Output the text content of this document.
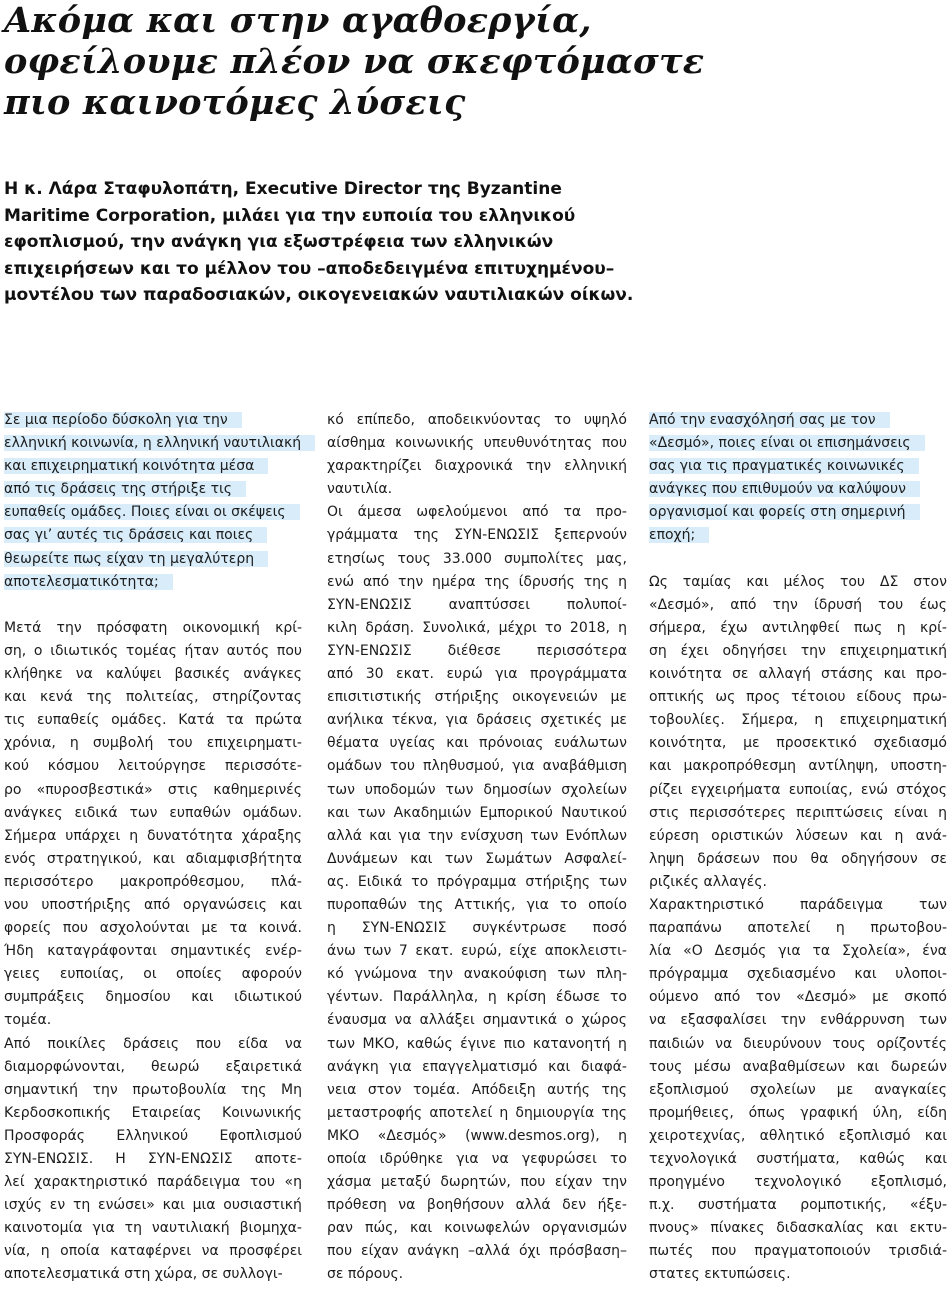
Ακόμα και στην αγαθοεργία,
οφείλουμε πλέον να σκεφτόμαστε
πιο καινοτόμες λύσεις
Η κ. Λάρα Σταφυλοπάτη, Executive Director της Byzantine
Maritime Corporation, μιλάει για την ευποιία του ελληνικού
εφοπλισμού, την ανάγκη για εξωστρέφεια των ελληνικών
επιχειρήσεων και το μέλλον του –αποδεδειγμένα επιτυχημένου–
μοντέλου των παραδοσιακών, οικογενειακών ναυτιλιακών οίκων.
Σε μια περίοδο δύσκολη για την
ελληνική κοινωνία, η ελληνική ναυτιλιακή
και επιχειρηματική κοινότητα μέσα
από τις δράσεις της στήριξε τις
ευπαθείς ομάδες. Ποιες είναι οι σκέψεις
σας γι’ αυτές τις δράσεις και ποιες
θεωρείτε πως είχαν τη μεγαλύτερη
αποτελεσματικότητα;
Μετά την πρόσφατη οικονομική κρί-
ση, ο ιδιωτικός τομέας ήταν αυτός που
κλήθηκε να καλύψει βασικές ανάγκες
και κενά της πολιτείας, στηρίζοντας
τις ευπαθείς ομάδες. Κατά τα πρώτα
χρόνια, η συμβολή του επιχειρηματι-
κού κόσμου λειτούργησε περισσότε-
ρο «πυροσβεστικά» στις καθημερινές
ανάγκες ειδικά των ευπαθών ομάδων.
Σήμερα υπάρχει η δυνατότητα χάραξης
ενός στρατηγικού, και αδιαμφισβήτητα
περισσότερο μακροπρόθεσμου, πλά-
νου υποστήριξης από οργανώσεις και
φορείς που ασχολούνται με τα κοινά.
Ήδη καταγράφονται σημαντικές ενέρ-
γειες ευποιίας, οι οποίες αφορούν
συμπράξεις δημοσίου και ιδιωτικού
τομέα.
Από ποικίλες δράσεις που είδα να
διαμορφώνονται, θεωρώ εξαιρετικά
σημαντική την πρωτοβουλία της Μη
Κερδοσκοπικής Εταιρείας Κοινωνικής
Προσφοράς Ελληνικού Εφοπλισμού
ΣΥΝ-ΕΝΩΣΙΣ. Η ΣΥΝ-ΕΝΩΣΙΣ αποτε-
λεί χαρακτηριστικό παράδειγμα του «η
ισχύς εν τη ενώσει» και μια ουσιαστική
καινοτομία για τη ναυτιλιακή βιομηχα-
νία, η οποία καταφέρνει να προσφέρει
αποτελεσματικά στη χώρα, σε συλλογι-
κό επίπεδο, αποδεικνύοντας το υψηλό
αίσθημα κοινωνικής υπευθυνότητας που
χαρακτηρίζει διαχρονικά την ελληνική
ναυτιλία.
Οι άμεσα ωφελούμενοι από τα προ-
γράμματα της ΣΥΝ-ΕΝΩΣΙΣ ξεπερνούν
ετησίως τους 33.000 συμπολίτες μας,
ενώ από την ημέρα της ίδρυσής της η
ΣΥΝ-ΕΝΩΣΙΣ	αναπτύσσει	πολυποί-
κιλη δράση. Συνολικά, μέχρι το 2018, η
ΣΥΝ-ΕΝΩΣΙΣ	διέθεσε	περισσότερα
από 30 εκατ. ευρώ για προγράμματα
επισιτιστικής στήριξης οικογενειών με
ανήλικα τέκνα, για δράσεις σχετικές με
θέματα υγείας και πρόνοιας ευάλωτων
ομάδων του πληθυσμού, για αναβάθμιση
των υποδομών των δημοσίων σχολείων
και των Ακαδημιών Εμπορικού Ναυτικού
αλλά και για την ενίσχυση των Ενόπλων
Δυνάμεων και των Σωμάτων Ασφαλεί-
ας. Ειδικά το πρόγραμμα στήριξης των
πυροπαθών της Αττικής, για το οποίο
η ΣΥΝ-ΕΝΩΣΙΣ συγκέντρωσε ποσό
άνω των 7 εκατ. ευρώ, είχε αποκλειστι-
κό γνώμονα την ανακούφιση των πλη-
γέντων. Παράλληλα, η κρίση έδωσε το
έναυσμα να αλλάξει σημαντικά ο χώρος
των ΜΚΟ, καθώς έγινε πιο κατανοητή η
ανάγκη για επαγγελματισμό και διαφά-
νεια στον τομέα. Απόδειξη αυτής της
μεταστροφής αποτελεί η δημιουργία της
ΜΚΟ «Δεσμός» (www.desmos.org), η
οποία ιδρύθηκε για να γεφυρώσει το
χάσμα μεταξύ δωρητών, που είχαν την
πρόθεση να βοηθήσουν αλλά δεν ήξε-
ραν πώς, και κοινωφελών οργανισμών
που είχαν ανάγκη –αλλά όχι πρόσβαση–
σε πόρους.
Από την ενασχόλησή σας με τον
«Δεσμό», ποιες είναι οι επισημάνσεις
σας για τις πραγματικές κοινωνικές
ανάγκες που επιθυμούν να καλύψουν
οργανισμοί και φορείς στη σημερινή
εποχή;
Ως ταμίας και μέλος του ΔΣ στον
«Δεσμό», από την ίδρυσή του έως
σήμερα, έχω αντιληφθεί πως η κρί-
ση έχει οδηγήσει την επιχειρηματική
κοινότητα σε αλλαγή στάσης και προ-
οπτικής ως προς τέτοιου είδους πρω-
τοβουλίες. Σήμερα, η επιχειρηματική
κοινότητα, με προσεκτικό σχεδιασμό
και μακροπρόθεσμη αντίληψη, υποστη-
ρίζει εγχειρήματα ευποιίας, ενώ στόχος
στις περισσότερες περιπτώσεις είναι η
εύρεση οριστικών λύσεων και η ανά-
ληψη δράσεων που θα οδηγήσουν σε
ριζικές αλλαγές.
Χαρακτηριστικό	παράδειγμα	των
παραπάνω αποτελεί η πρωτοβου-
λία «Ο Δεσμός για τα Σχολεία», ένα
πρόγραμμα σχεδιασμένο και υλοποι-
ούμενο από τον «Δεσμό» με σκοπό
να εξασφαλίσει την ενθάρρυνση των
παιδιών να διευρύνουν τους ορίζοντές
τους μέσω αναβαθμίσεων και δωρεών
εξοπλισμού σχολείων με αναγκαίες
προμήθειες, όπως γραφική ύλη, είδη
χειροτεχνίας, αθλητικό εξοπλισμό και
τεχνολογικά συστήματα, καθώς και
προηγμένο τεχνολογικό εξοπλισμό,
π.χ. συστήματα ρομποτικής, «έξυ-
πνους» πίνακες διδασκαλίας και εκτυ-
πωτές που πραγματοποιούν τρισδιά-
στατες εκτυπώσεις.
